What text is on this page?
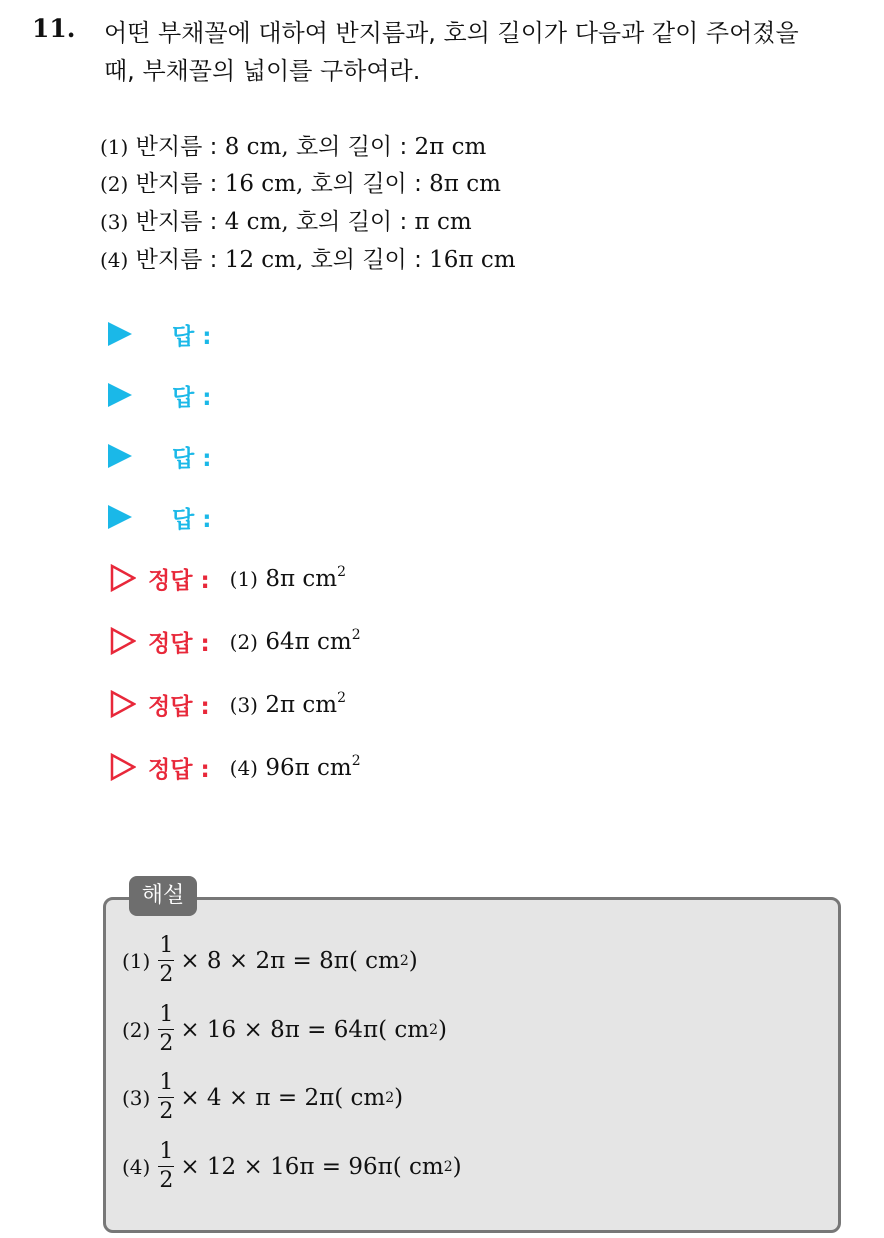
11. 어떤 부채꼴에 대하여 반지름과, 호의 길이가 다음과 같이 주어졌을
때, 부채꼴의 넓이를 구하여라.
(1) 반지름 : 8 cm, 호의 길이 : 2π cm
(2) 반지름 : 16 cm, 호의 길이 : 8π cm
(3) 반지름 : 4 cm, 호의 길이 : π cm
(4) 반지름 : 12 cm, 호의 길이 : 16π cm
답 :
답 :
답 :
답 :
정답 : (1) 8π $cm^2$
정답 : (2) 64π $cm^2$
정답 : (3) 2π $cm^2$
정답 : (4) 96π $cm^2$
해설
$(1) \frac{1}{2} \times 8 \times 2\pi = 8\pi$( cm 2 )
$(2) \frac{1}{2} \times 16 \times 8\pi = 64\pi$( cm 2 )
$(3) \frac{1}{2} \times 4 \times \pi = 2\pi$( cm 2 )
$(4) \frac{1}{2} \times 12 \times 16\pi = 96\pi$( cm 2 )
